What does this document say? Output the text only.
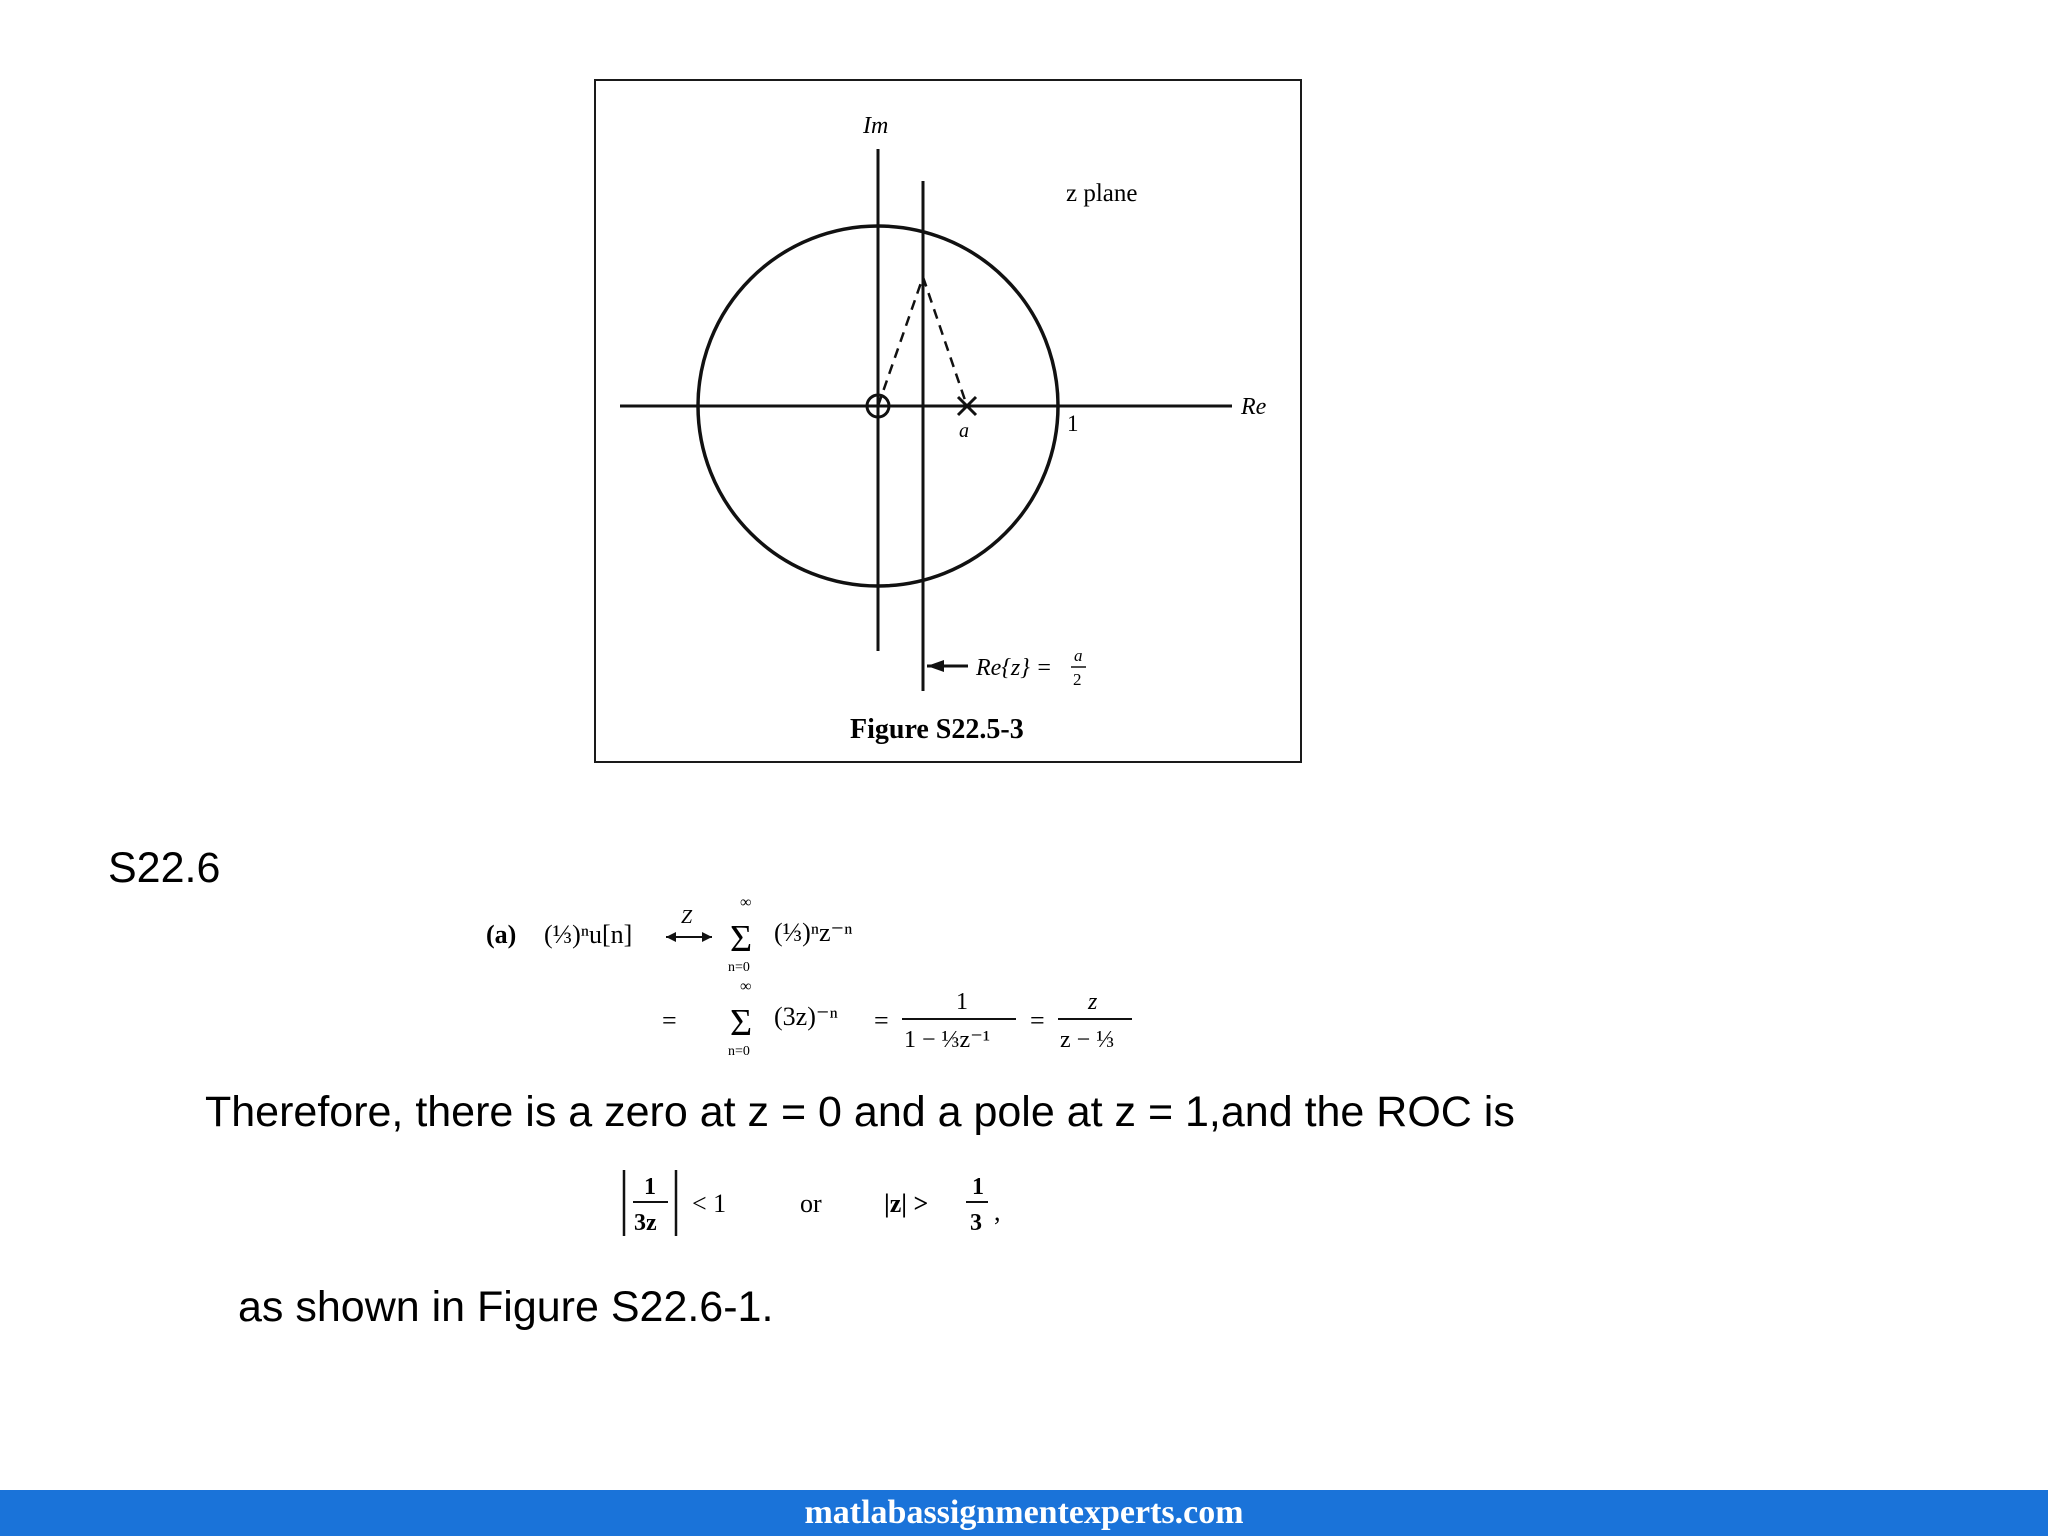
Im
Re
z plane
a	1
Re{z} = a
2
Figure S22.5-3
S22.6
(a) (⅓)ⁿu[n]
Z
∞
Σ
n=0
(⅓)ⁿz⁻ⁿ
=
∞
Σ
n=0
(3z)⁻ⁿ =
1
1 − ⅓z⁻¹
=
z
z − ⅓
Therefore, there is a zero at z = 0 and a pole at z = 1,and the ROC is
1
3z
< 1	or |z| >
1
3 ,
as shown in Figure S22.6-1.
matlabassignmentexperts.com
